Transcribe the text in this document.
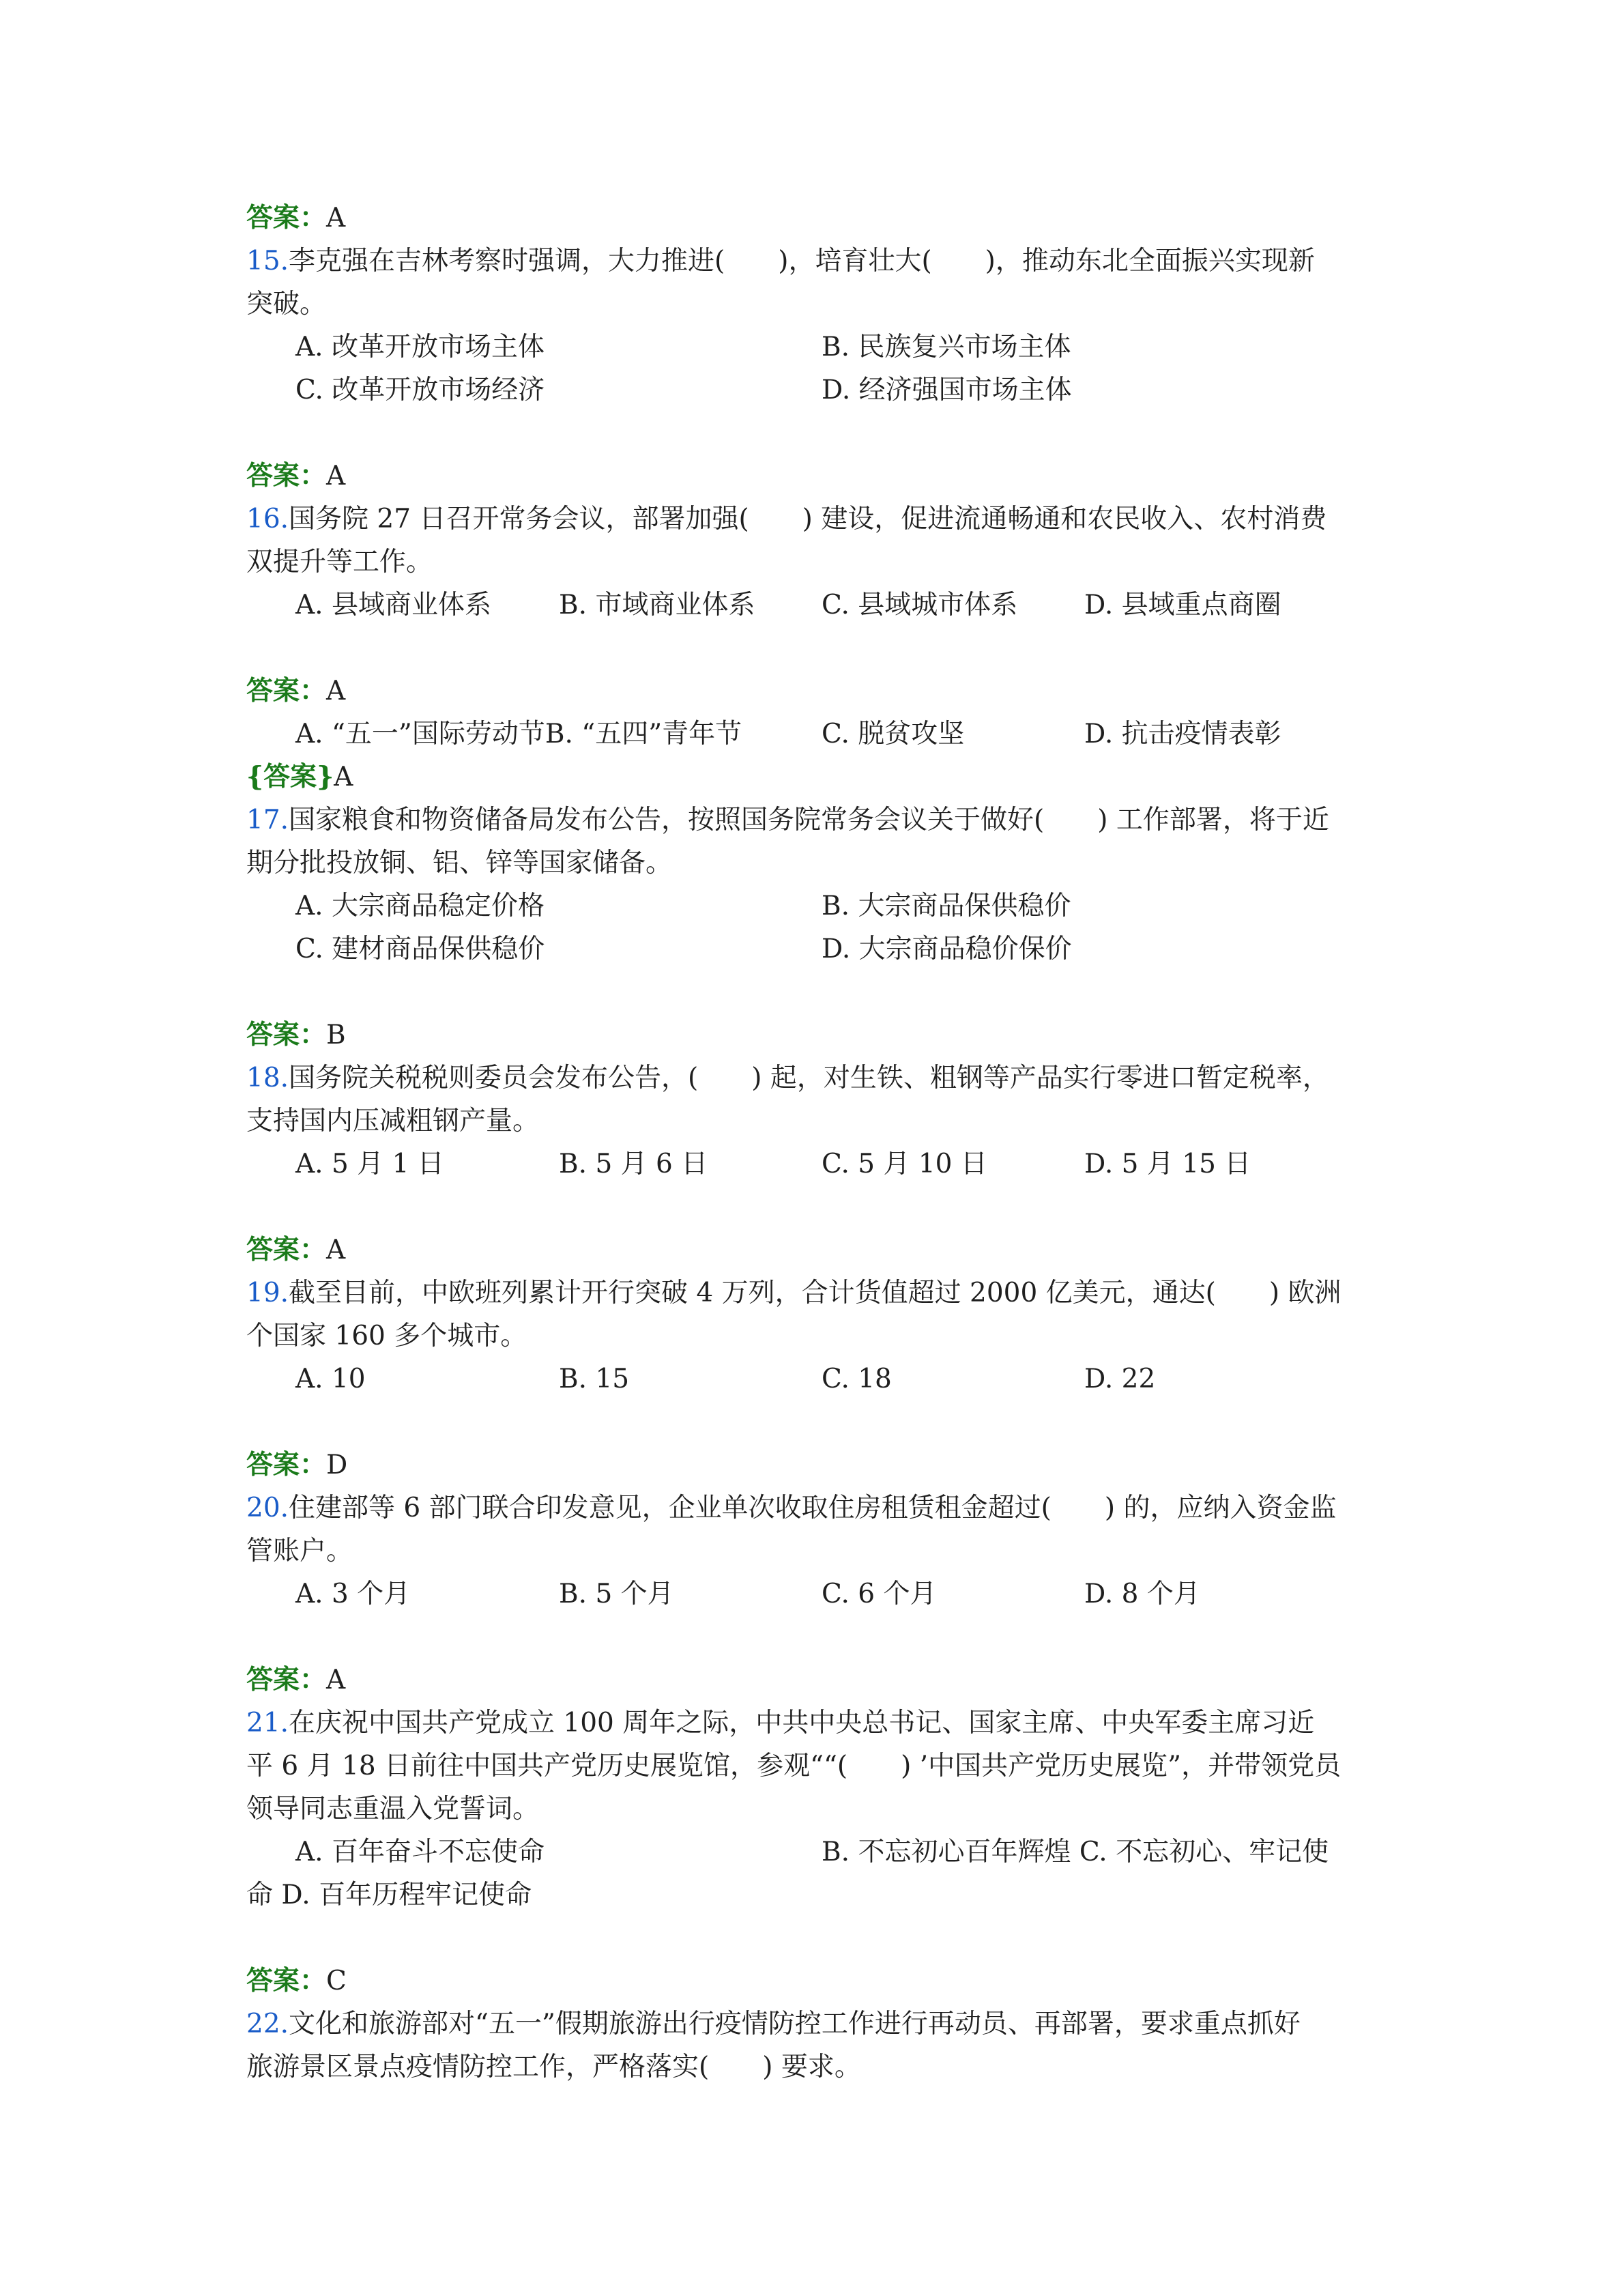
答案：A
15.李克强在吉林考察时强调，大力推进(　　)，培育壮大(　　)，推动东北全面振兴实现新
突破。
A. 改革开放市场主体	B. 民族复兴市场主体
C. 改革开放市场经济	D. 经济强国市场主体
答案：A
16.国务院 27 日召开常务会议，部署加强(　　) 建设，促进流通畅通和农民收入、农村消费
双提升等工作。
A. 县域商业体系	B. 市域商业体系	C. 县域城市体系	D. 县域重点商圈
答案：A
A. “五一”国际劳动节B. “五四”青年节	C. 脱贫攻坚	D. 抗击疫情表彰
{答案}A
17.国家粮食和物资储备局发布公告，按照国务院常务会议关于做好(　　) 工作部署，将于近
期分批投放铜、铝、锌等国家储备。
A. 大宗商品稳定价格	B. 大宗商品保供稳价
C. 建材商品保供稳价	D. 大宗商品稳价保价
答案：B
18.国务院关税税则委员会发布公告，(　　) 起，对生铁、粗钢等产品实行零进口暂定税率，
支持国内压减粗钢产量。
A. 5 月 1 日	B. 5 月 6 日	C. 5 月 10 日	D. 5 月 15 日
答案：A
19.截至目前，中欧班列累计开行突破 4 万列，合计货值超过 2000 亿美元，通达(　　) 欧洲
个国家 160 多个城市。
A. 10	B. 15	C. 18	D. 22
答案：D
20.住建部等 6 部门联合印发意见，企业单次收取住房租赁租金超过(　　) 的，应纳入资金监
管账户。
A. 3 个月	B. 5 个月	C. 6 个月	D. 8 个月
答案：A
21.在庆祝中国共产党成立 100 周年之际，中共中央总书记、国家主席、中央军委主席习近
平 6 月 18 日前往中国共产党历史展览馆，参观““(　　) ’中国共产党历史展览”，并带领党员
领导同志重温入党誓词。
A. 百年奋斗不忘使命	B. 不忘初心百年辉煌 C. 不忘初心、牢记使
命 D. 百年历程牢记使命
答案：C
22.文化和旅游部对“五一”假期旅游出行疫情防控工作进行再动员、再部署，要求重点抓好
旅游景区景点疫情防控工作，严格落实(　　) 要求。
